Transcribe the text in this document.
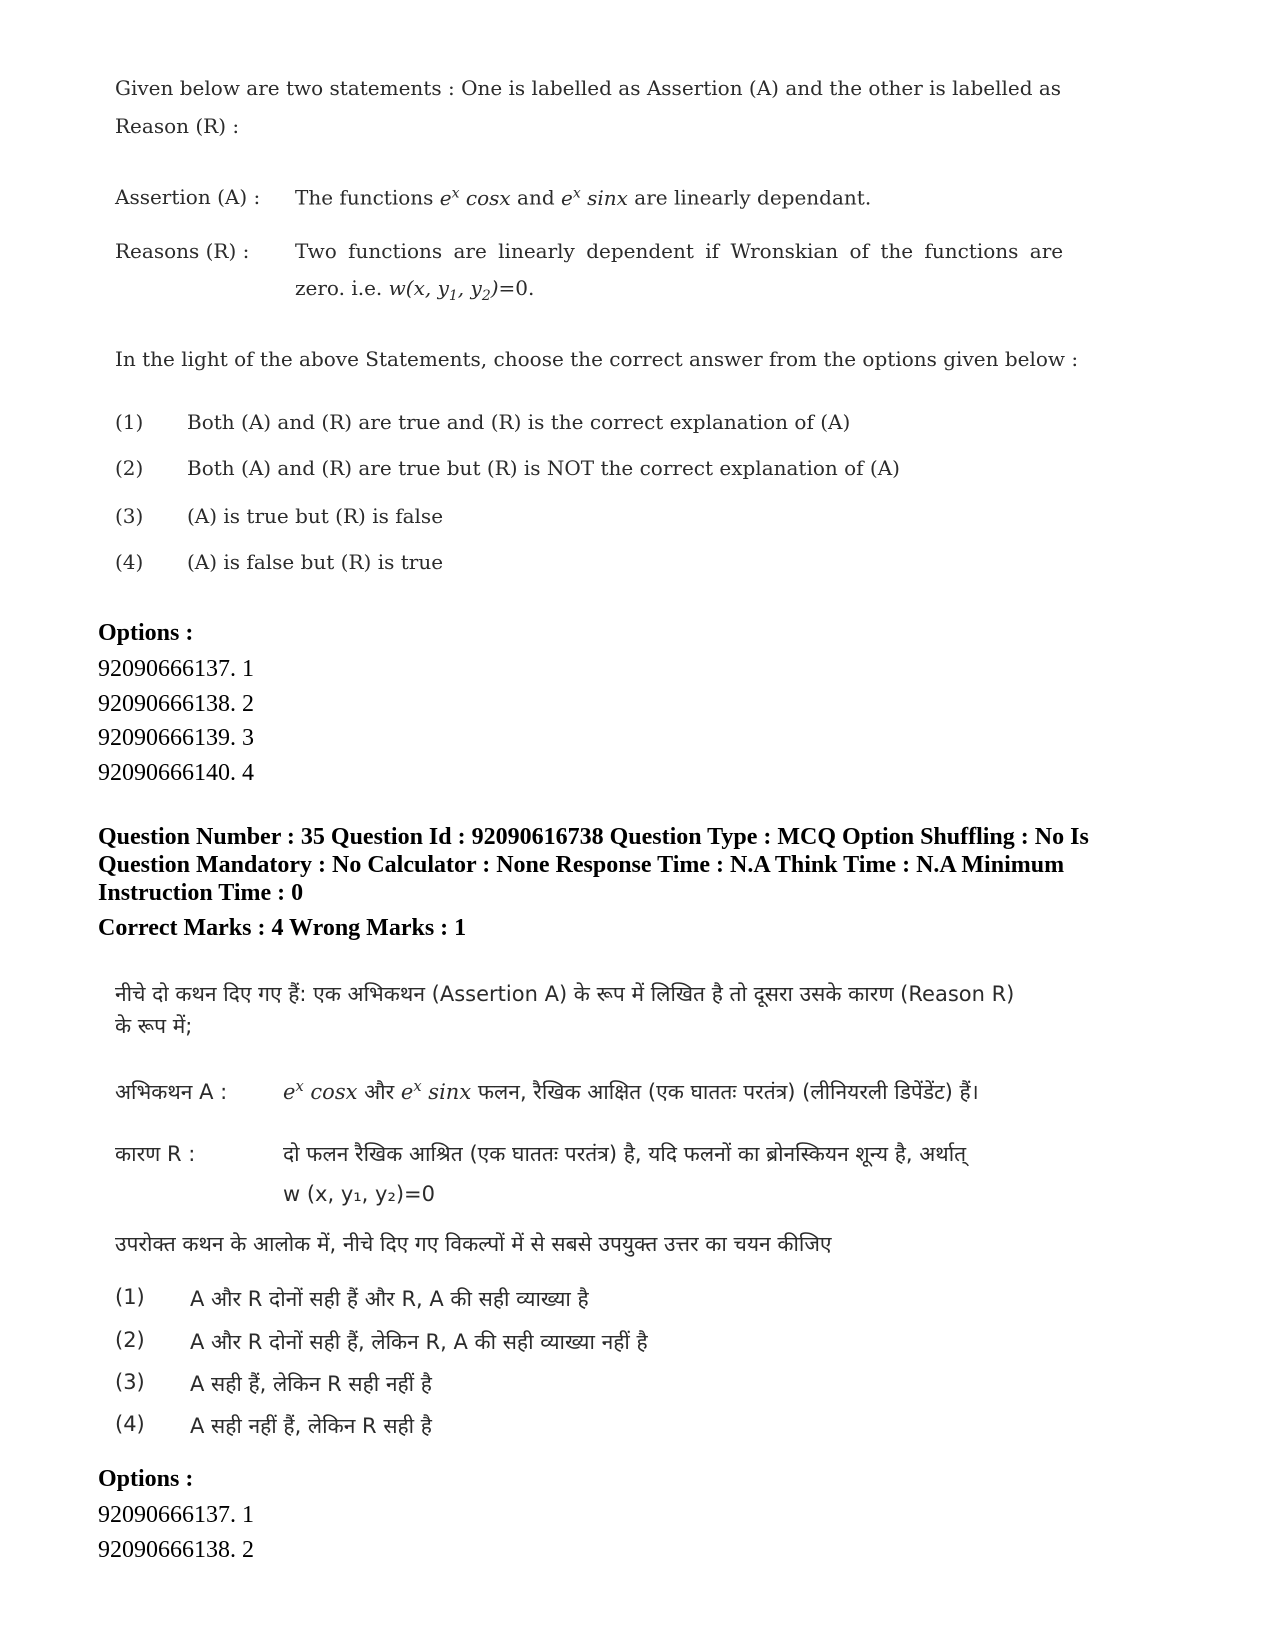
Given below are two statements : One is labelled as Assertion (A) and the other is labelled as
Reason (R) :
Assertion (A) : The functions $e^x$ cosx and $e^x$ sinx are linearly dependant.
Reasons (R) : Two functions are linearly dependent if Wronskian of the functions are
zero. i.e. w(x, $y_1$, $y_2)=0$.
In the light of the above Statements, choose the correct answer from the options given below :
(1) Both (A) and (R) are true and (R) is the correct explanation of (A)
(2) Both (A) and (R) are true but (R) is NOT the correct explanation of (A)
(3) (A) is true but (R) is false
(4) (A) is false but (R) is true
Options :
92090666137. 1
92090666138. 2
92090666139. 3
92090666140. 4
Question Number : 35 Question Id : 92090616738 Question Type : MCQ Option Shuffling : No Is
Question Mandatory : No Calculator : None Response Time : N.A Think Time : N.A Minimum
Instruction Time : 0
Correct Marks : 4 Wrong Marks : 1
नीचे दो कथन दिए गए हैं: एक अभिकथन (Assertion A) के रूप में लिखित है तो दूसरा उसके कारण (Reason R)
के रूप में;
अभिकथन A :	$e^x$ cosx और $e^x$ sinx फलन, रैखिक आक्षित (एक घाततः परतंत्र) (लीनियरली डिपेंडेंट) हैं।
कारण R :	दो फलन रैखिक आश्रित (एक घाततः परतंत्र) है, यदि फलनों का ब्रोनस्कियन शून्य है, अर्थात्
w (x, y₁, y₂)=0
उपरोक्त कथन के आलोक में, नीचे दिए गए विकल्पों में से सबसे उपयुक्त उत्तर का चयन कीजिए
(1) A और R दोनों सही हैं और R, A की सही व्याख्या है
(2) A और R दोनों सही हैं, लेकिन R, A की सही व्याख्या नहीं है
(3) A सही हैं, लेकिन R सही नहीं है
(4) A सही नहीं हैं, लेकिन R सही है
Options :
92090666137. 1
92090666138. 2
